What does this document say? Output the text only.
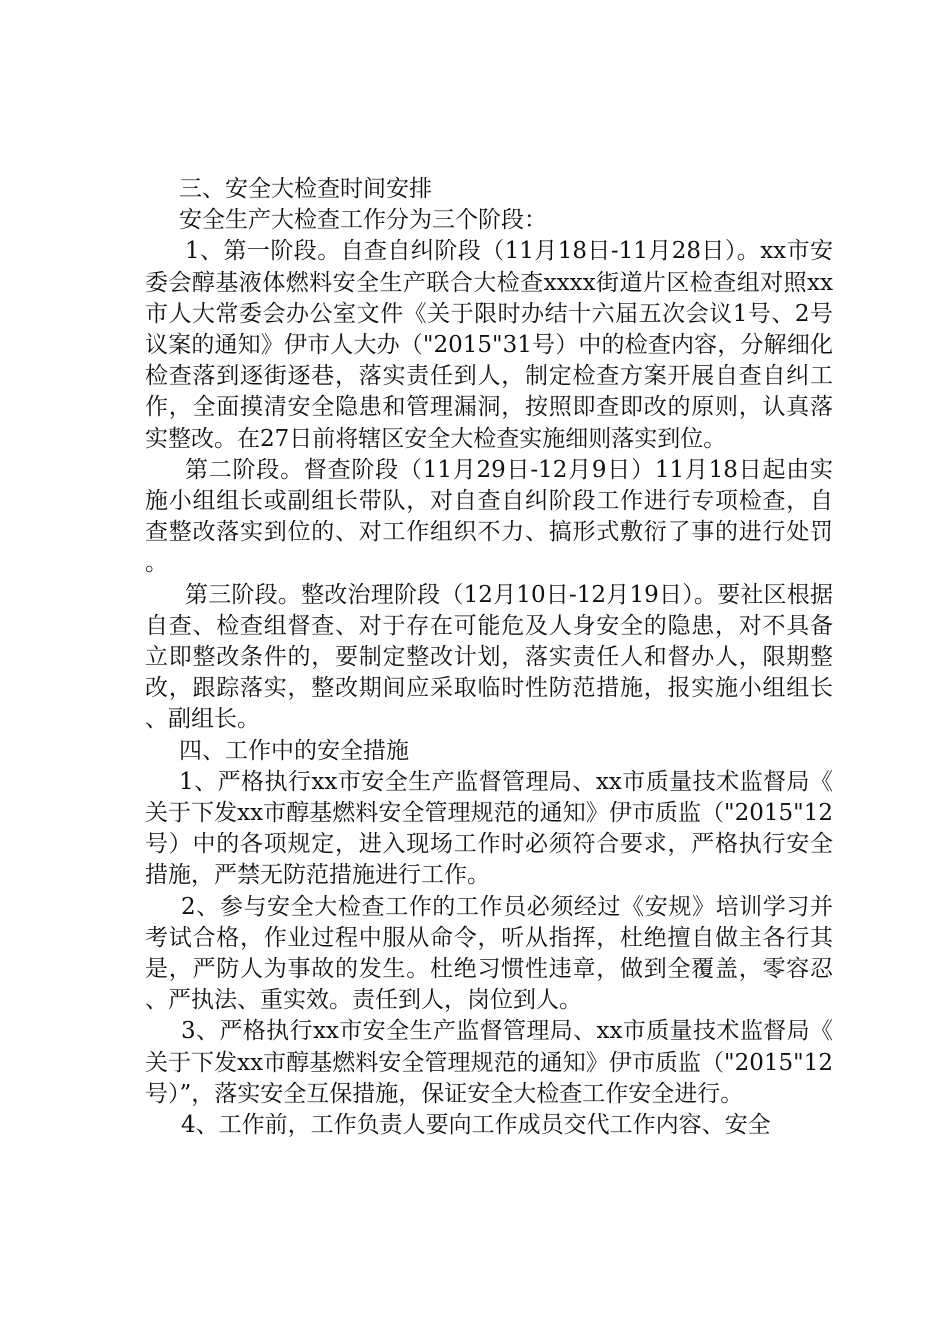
三、安全大检查时间安排

安全生产大检查工作分为三个阶段：

1、第一阶段。自查自纠阶段（11月18日-11月28日）。xx市安委会醇基液体燃料安全生产联合大检查xxxx街道片区检查组对照xx市人大常委会办公室文件《关于限时办结十六届五次会议1号、2号议案的通知》伊市人大办（"2015"31号）中的检查内容，分解细化检查落到逐街逐巷，落实责任到人，制定检查方案开展自查自纠工作，全面摸清安全隐患和管理漏洞，按照即查即改的原则，认真落实整改。在27日前将辖区安全大检查实施细则落实到位。

第二阶段。督查阶段（11月29日-12月9日）11月18日起由实施小组组长或副组长带队，对自查自纠阶段工作进行专项检查，自查整改落实到位的、对工作组织不力、搞形式敷衍了事的进行处罚。

第三阶段。整改治理阶段（12月10日-12月19日）。要社区根据自查、检查组督查、对于存在可能危及人身安全的隐患，对不具备立即整改条件的，要制定整改计划，落实责任人和督办人，限期整改，跟踪落实，整改期间应采取临时性防范措施，报实施小组组长、副组长。

四、工作中的安全措施

1、严格执行xx市安全生产监督管理局、xx市质量技术监督局《关于下发xx市醇基燃料安全管理规范的通知》伊市质监（"2015"12号）中的各项规定，进入现场工作时必须符合要求，严格执行安全措施，严禁无防范措施进行工作。

2、参与安全大检查工作的工作员必须经过《安规》培训学习并考试合格，作业过程中服从命令，听从指挥，杜绝擅自做主各行其是，严防人为事故的发生。杜绝习惯性违章，做到全覆盖，零容忍、严执法、重实效。责任到人，岗位到人。

3、严格执行xx市安全生产监督管理局、xx市质量技术监督局《关于下发xx市醇基燃料安全管理规范的通知》伊市质监（"2015"12号）”，落实安全互保措施，保证安全大检查工作安全进行。

4、工作前，工作负责人要向工作成员交代工作内容、安全
